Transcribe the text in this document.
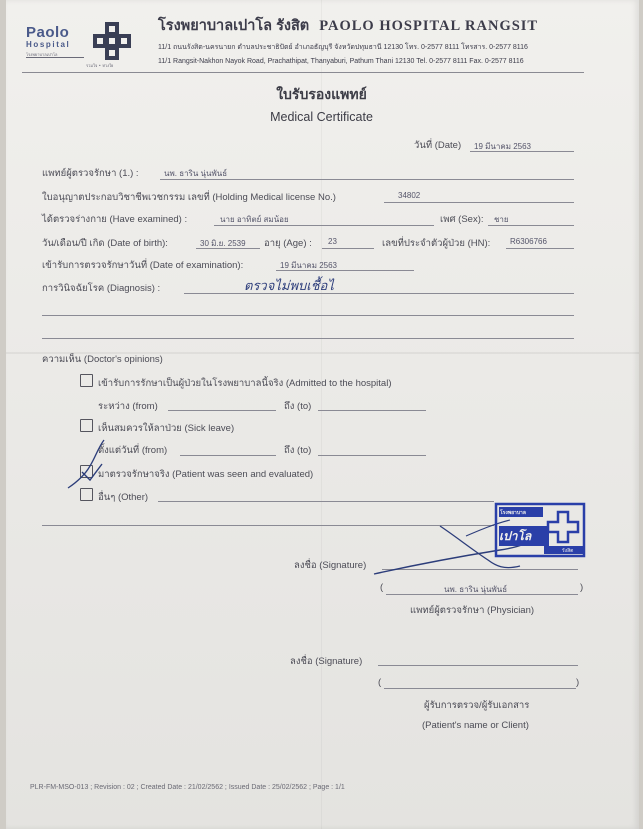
Paolo
Hospital
โรงพยาบาลเปาโล
รวมใจ • ห่วงใย
โรงพยาบาลเปาโล รังสิต PAOLO HOSPITAL RANGSIT
11/1 ถนนรังสิต-นครนายก ตำบลประชาธิปัตย์ อำเภอธัญบุรี จังหวัดปทุมธานี 12130 โทร. 0-2577 8111 โทรสาร. 0-2577 8116
11/1 Rangsit-Nakhon Nayok Road, Prachathipat, Thanyaburi, Pathum Thani 12130 Tel. 0-2577 8111 Fax. 0-2577 8116
ใบรับรองแพทย์
Medical Certificate
วันที่ (Date) 19 มีนาคม 2563
แพทย์ผู้ตรวจรักษา (1.) :	นพ. ธาริน นุ่นพันธ์
ใบอนุญาตประกอบวิชาชีพเวชกรรม เลขที่ (Holding Medical license No.)	34802
ได้ตรวจร่างกาย (Have examined) :	นาย อาทิตย์ สมน้อย	เพศ (Sex): ชาย
วัน/เดือน/ปี เกิด (Date of birth):	30 มิ.ย. 2539 อายุ (Age) : 23	เลขที่ประจำตัวผู้ป่วย (HN): R6306766
เข้ารับการตรวจรักษาวันที่ (Date of examination):	19 มีนาคม 2563
การวินิจฉัยโรค (Diagnosis) :	ตรวจไม่พบเชื้อไ
ความเห็น (Doctor's opinions)
เข้ารับการรักษาเป็นผู้ป่วยในโรงพยาบาลนี้จริง (Admitted to the hospital)
ระหว่าง (from)	ถึง (to)
เห็นสมควรให้ลาป่วย (Sick leave)
ตั้งแต่วันที่ (from)	ถึง (to)
มาตรวจรักษาจริง (Patient was seen and evaluated)
อื่นๆ (Other)
ลงชื่อ (Signature)
(	นพ. ธาริน นุ่นพันธ์	)
แพทย์ผู้ตรวจรักษา (Physician)
โรงพยาบาล
เปาโล
รังสิต
ลงชื่อ (Signature)
(	)
ผู้รับการตรวจ/ผู้รับเอกสาร
(Patient's name or Client)
PLR-FM-MSO-013 ; Revision : 02 ; Created Date : 21/02/2562 ; Issued Date : 25/02/2562 ; Page : 1/1
